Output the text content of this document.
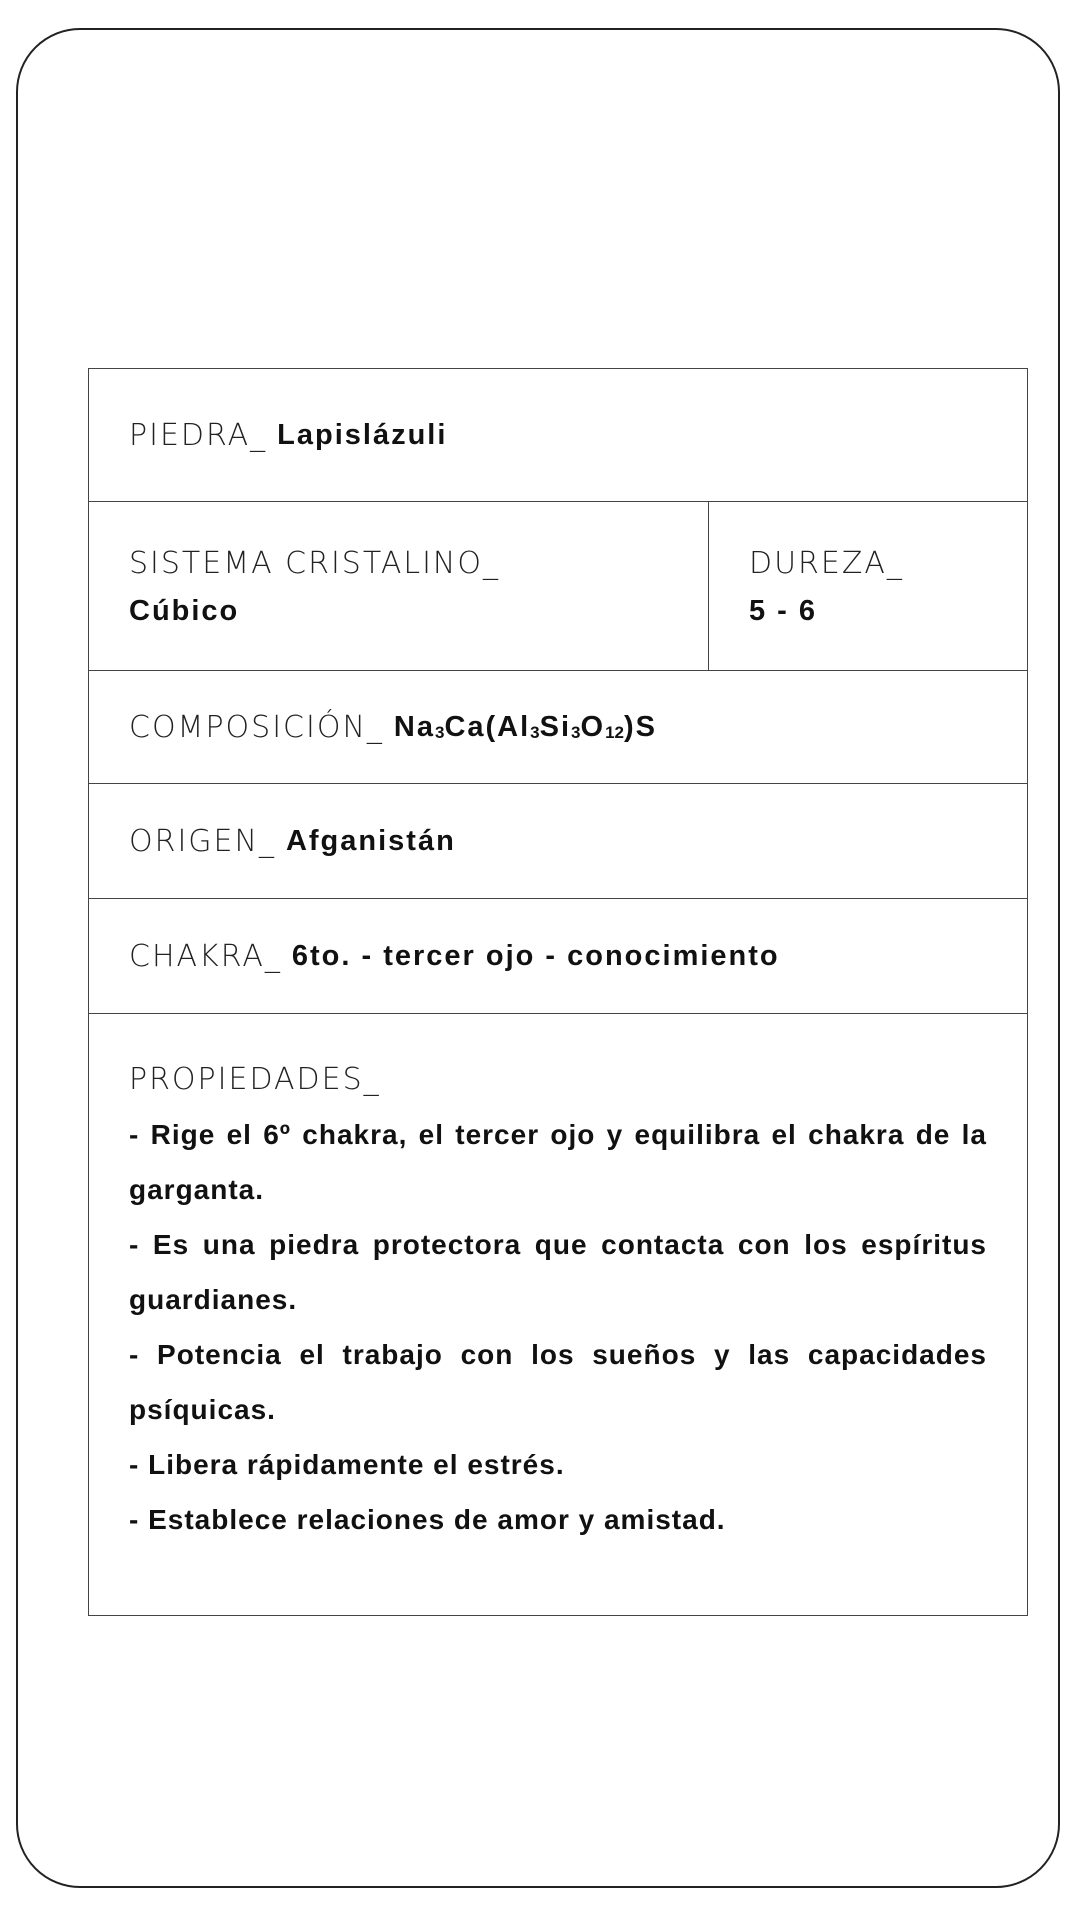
PIEDRA_ Lapislázuli
SISTEMA CRISTALINO_
Cúbico
DUREZA_
5 - 6
COMPOSICIÓN_ $Na_3Ca(Al_3Si_3O_{12})S$
ORIGEN_ Afganistán
CHAKRA_ 6to. - tercer ojo - conocimiento
PROPIEDADES_
- Rige el 6º chakra, el tercer ojo y equilibra el chakra de la garganta.
- Es una piedra protectora que contacta con los espíritus guardianes.
- Potencia el trabajo con los sueños y las capacidades psíquicas.
- Libera rápidamente el estrés.
- Establece relaciones de amor y amistad.
